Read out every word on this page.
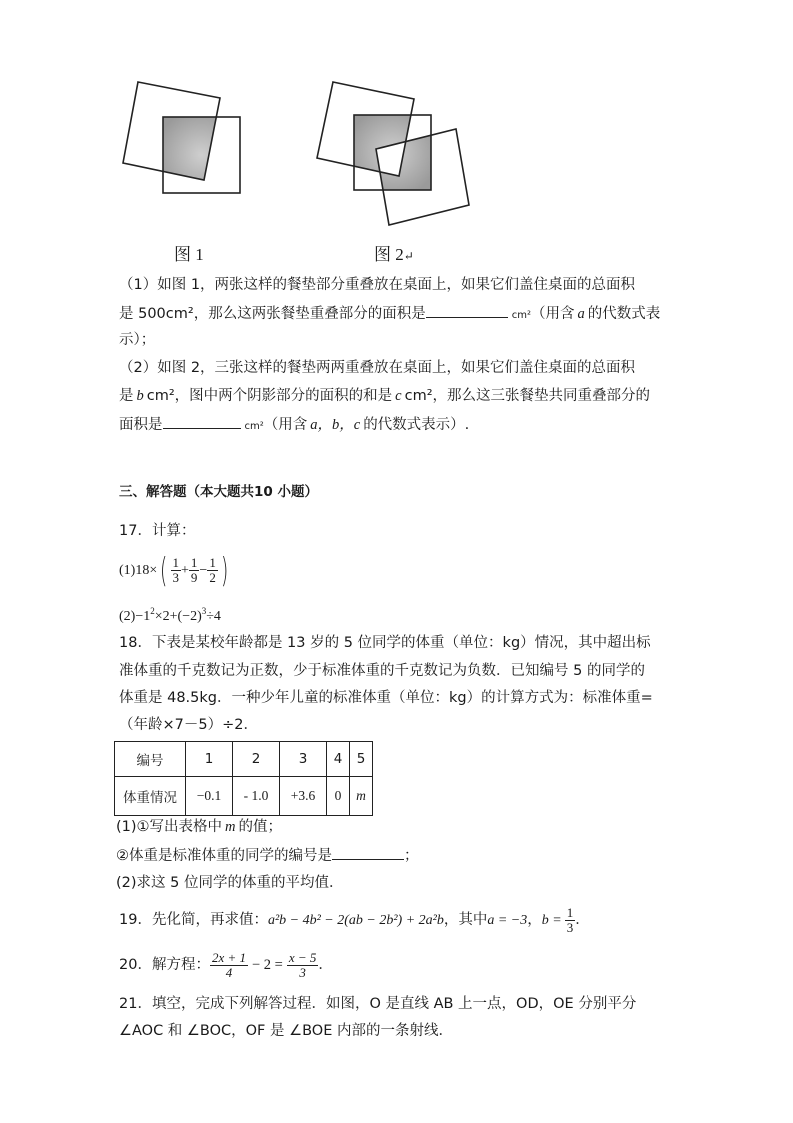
图 1	图 2↵
（1）如图 1，两张这样的餐垫部分重叠放在桌面上，如果它们盖住桌面的总面积
是 500cm²，那么这两张餐垫重叠部分的面积是	cm²（用含 a 的代数式表
示）；
（2）如图 2，三张这样的餐垫两两重叠放在桌面上，如果它们盖住桌面的总面积
是 b cm²，图中两个阴影部分的面积的和是 c cm²，那么这三张餐垫共同重叠部分的
面积是	cm²（用含 a，b，c 的代数式表示）.
三、解答题（本大题共10 小题）
17．计算：
$(1)18\times( \frac{1}{3} + \frac{1}{9} - \frac{1}{2}$ )
$(2)-1^2\times 2+(-2)^3\div 4$
18．下表是某校年龄都是 13 岁的 5 位同学的体重（单位：kg）情况，其中超出标
准体重的千克数记为正数，少于标准体重的千克数记为负数．已知编号 5 的同学的
体重是 48.5kg．一种少年儿童的标准体重（单位：kg）的计算方式为：标准体重=
（年龄×7－5）÷2．
编号	1	2	3	4	5
体重情况	−0.1	- 1.0	+3.6	0	m
(1)①写出表格中 m 的值；
②体重是标准体重的同学的编号是	；
(2)求这 5 位同学的体重的平均值．
19．先化简，再求值：a²b − 4b² − 2(ab − 2b²) + 2a²b，其中a = −3，$b = \frac{1}{3}$ ．
20．解方程： $\frac{2x + 1}{4} - 2 = \frac{x - 5}{3}$ ．
21．填空，完成下列解答过程．如图，O 是直线 AB 上一点，OD，OE 分别平分
∠AOC 和 ∠BOC，OF 是 ∠BOE 内部的一条射线．
